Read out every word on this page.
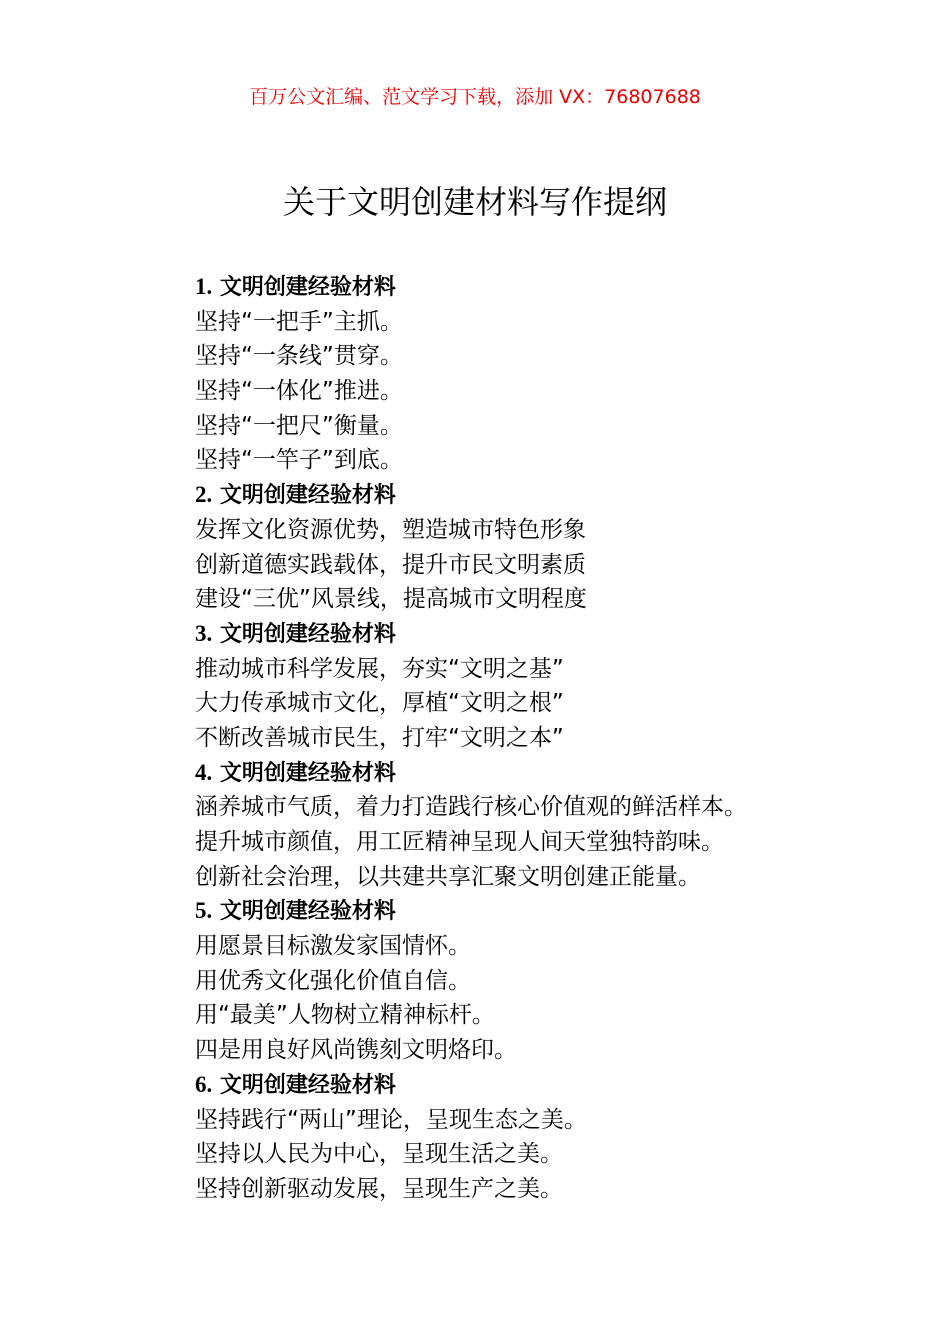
百万公文汇编、范文学习下载，添加 VX：76807688
关于文明创建材料写作提纲
1. 文明创建经验材料
坚持“一把手”主抓。
坚持“一条线”贯穿。
坚持“一体化”推进。
坚持“一把尺”衡量。
坚持“一竿子”到底。
2. 文明创建经验材料
发挥文化资源优势，塑造城市特色形象
创新道德实践载体，提升市民文明素质
建设“三优”风景线，提高城市文明程度
3. 文明创建经验材料
推动城市科学发展，夯实“文明之基”
大力传承城市文化，厚植“文明之根”
不断改善城市民生，打牢“文明之本”
4. 文明创建经验材料
涵养城市气质，着力打造践行核心价值观的鲜活样本。
提升城市颜值，用工匠精神呈现人间天堂独特韵味。
创新社会治理，以共建共享汇聚文明创建正能量。
5. 文明创建经验材料
用愿景目标激发家国情怀。
用优秀文化强化价值自信。
用“最美”人物树立精神标杆。
四是用良好风尚镌刻文明烙印。
6. 文明创建经验材料
坚持践行“两山”理论，呈现生态之美。
坚持以人民为中心，呈现生活之美。
坚持创新驱动发展，呈现生产之美。
